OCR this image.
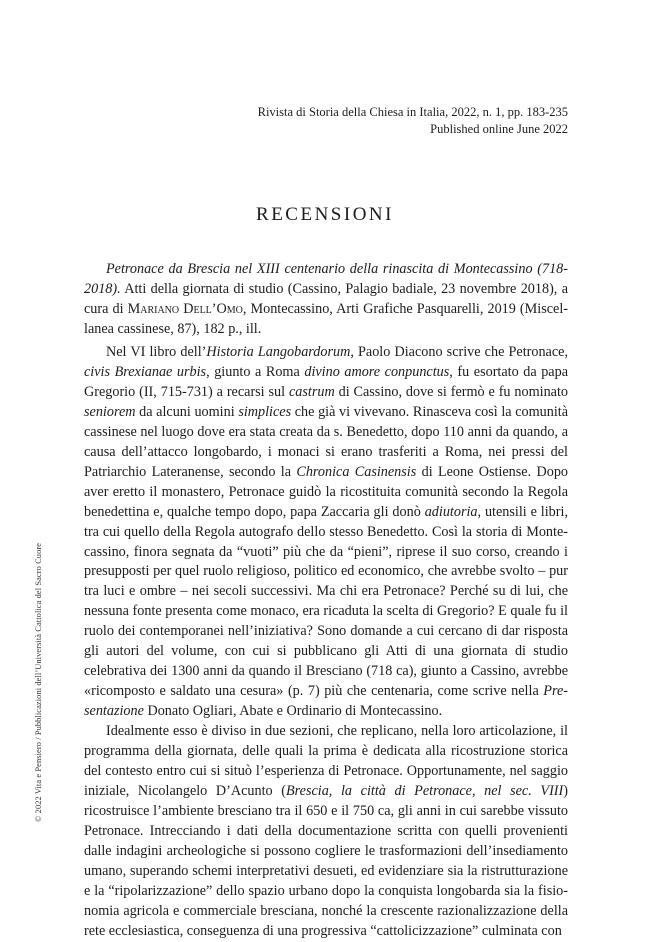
Rivista di Storia della Chiesa in Italia, 2022, n. 1, pp. 183-235
Published online June 2022
RECENSIONI
Petronace da Brescia nel XIII centenario della rinascita di Montecassino (718-2018). Atti della giornata di studio (Cassino, Palagio badiale, 23 novembre 2018), a cura di Mariano Dell’Omo, Montecassino, Arti Grafiche Pasquarelli, 2019 (Miscellanea cassinese, 87), 182 p., ill.

Nel VI libro dell’Historia Langobardorum, Paolo Diacono scrive che Petronace, civis Brexianae urbis, giunto a Roma divino amore conpunctus, fu esortato da papa Gregorio (II, 715-731) a recarsi sul castrum di Cassino, dove si fermò e fu nominato seniorem da alcuni uomini simplices che già vi vivevano. Rinasceva così la comunità cassinese nel luogo dove era stata creata da s. Benedetto, dopo 110 anni da quando, a causa dell’attacco longobardo, i monaci si erano trasferiti a Roma, nei pressi del Patriarchio Lateranense, secondo la Chronica Casinensis di Leone Ostiense. Dopo aver eretto il monastero, Petronace guidò la ricostituita comunità secondo la Regola benedettina e, qualche tempo dopo, papa Zaccaria gli donò adiutoria, utensili e libri, tra cui quello della Regola autografo dello stesso Benedetto. Così la storia di Montecassino, finora segnata da “vuoti” più che da “pieni”, riprese il suo corso, creando i presupposti per quel ruolo religioso, politico ed economico, che avrebbe svolto – pur tra luci e ombre – nei secoli successivi. Ma chi era Petronace? Perché su di lui, che nessuna fonte presenta come monaco, era ricaduta la scelta di Gregorio? E quale fu il ruolo dei contemporanei nell’iniziativa? Sono domande a cui cercano di dar risposta gli autori del volume, con cui si pubblicano gli Atti di una giornata di studio celebrativa dei 1300 anni da quando il Bresciano (718 ca), giunto a Cassino, avrebbe «ricomposto e saldato una cesura» (p. 7) più che centenaria, come scrive nella Presentazione Donato Ogliari, Abate e Ordinario di Montecassino.

Idealmente esso è diviso in due sezioni, che replicano, nella loro articolazione, il programma della giornata, delle quali la prima è dedicata alla ricostruzione storica del contesto entro cui si situò l’esperienza di Petronace. Opportunamente, nel saggio iniziale, Nicolangelo D’Acunto (Brescia, la città di Petronace, nel sec. VIII) ricostruisce l’ambiente bresciano tra il 650 e il 750 ca, gli anni in cui sarebbe vissuto Petronace. Intrecciando i dati della documentazione scritta con quelli provenienti dalle indagini archeologiche si possono cogliere le trasformazioni dell’insediamento umano, superando schemi interpretativi desueti, ed evidenziare sia la ristrutturazione e la “ripolarizzazione” dello spazio urbano dopo la conquista longobarda sia la fisionomia agricola e commerciale bresciana, nonché la crescente razionalizzazione della rete ecclesiastica, conseguenza di una progressiva “cattolicizzazione” culminata con

© 2022 Vita e Pensiero / Pubblicazioni dell’Università Cattolica del Sacro Cuore
